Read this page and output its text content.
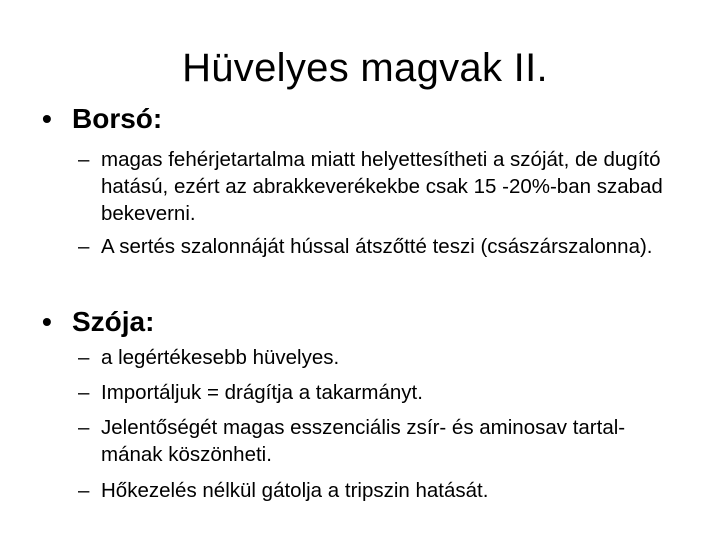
Hüvelyes magvak II.
• Borsó:
– magas fehérjetartalma miatt helyettesítheti a szóját, de dugító hatású, ezért az abrakkeverékekbe csak 15 -20%-ban szabad bekeverni.
– A sertés szalonnáját hússal átszőtté teszi (császárszalonna).
• Szója:
– a legértékesebb hüvelyes.
– Importáljuk = drágítja a takarmányt.
– Jelentőségét magas esszenciális zsír- és aminosav tartal-mának köszönheti.
– Hőkezelés nélkül gátolja a tripszin hatását.
